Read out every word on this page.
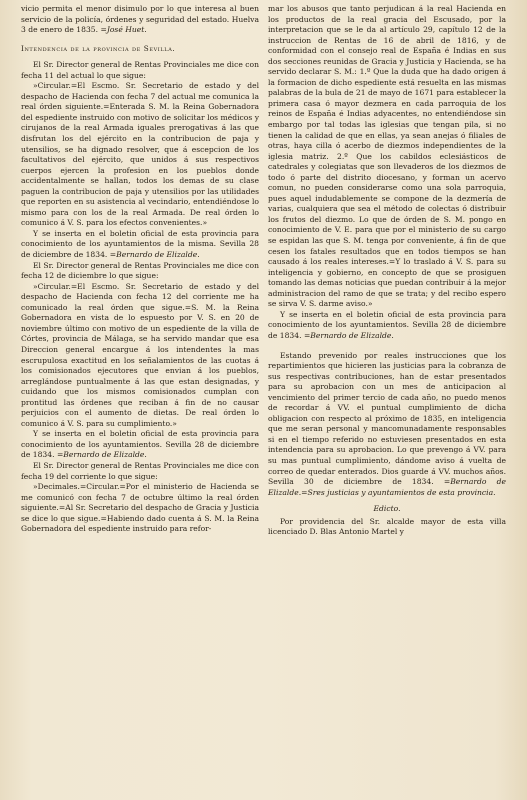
vicio permita el menor disimulo por lo que interesa al buen servicio de la policía, órdenes y seguridad del estado. Huelva 3 de enero de 1835. =José Huet.

Intendencia de la provincia de Sevilla.

El Sr. Director general de Rentas Provinciales me dice con fecha 11 del actual lo que sigue:

»Circular.=El Escmo. Sr. Secretario de estado y del despacho de Hacienda con fecha 7 del actual me comunica la real órden siguiente.=Enterada S. M. la Reina Gobernadora del espediente instruido con motivo de solicitar los médicos y cirujanos de la real Armada iguales prerogativas á las que disfrutan los del ejército en la contribucion de paja y utensilios, se ha dignado resolver, que á escepcion de los facultativos del ejército, que unidos á sus respectivos cuerpos ejercen la profesion en los pueblos donde accidentalmente se hallan, todos los demas de su clase paguen la contribucion de paja y utensilios por las utilidades que reporten en su asistencia al vecindario, entendiéndose lo mismo para con los de la real Armada. De real órden lo comunico á V. S. para los efectos convenientes.»

Y se inserta en el boletin oficial de esta provincia para conocimiento de los ayuntamientos de la misma. Sevilla 28 de diciembre de 1834. =Bernardo de Elizalde.

El Sr. Director general de Rentas Provinciales me dice con fecha 12 de diciembre lo que sigue:

»Circular.=El Escmo. Sr. Secretario de estado y del despacho de Hacienda con fecha 12 del corriente me ha comunicado la real órden que sigue.=S. M. la Reina Gobernadora en vista de lo espuesto por V. S. en 20 de noviembre último con motivo de un espediente de la villa de Córtes, provincia de Málaga, se ha servido mandar que esa Direccion general encargue á los intendentes la mas escrupulosa exactitud en los señalamientos de las cuotas á los comisionados ejecutores que envian á los pueblos, arreglándose puntualmente á las que estan designadas, y cuidando que los mismos comisionados cumplan con prontitud las órdenes que reciban á fin de no causar perjuicios con el aumento de dietas. De real órden lo comunico á V. S. para su cumplimiento.»

Y se inserta en el boletin oficial de esta provincia para conocimiento de los ayuntamientos. Sevilla 28 de diciembre de 1834. =Bernardo de Elizalde.

El Sr. Director general de Rentas Provinciales me dice con fecha 19 del corriente lo que sigue:

»Decimales.=Circular.=Por el ministerio de Hacienda se me comunicó con fecha 7 de octubre último la real órden siguiente.=Al Sr. Secretario del despacho de Gracia y Justicia se dice lo que sigue.=Habiendo dado cuenta á S. M. la Reina Gobernadora del espediente instruido para refor-

mar los abusos que tanto perjudican á la real Hacienda en los productos de la real gracia del Escusado, por la interpretacion que se le da al artículo 29, capítulo 12 de la instruccion de Rentas de 16 de abril de 1816, y de conformidad con el consejo real de España é Indias en sus dos secciones reunidas de Gracia y Justicia y Hacienda, se ha servido declarar S. M.: 1.º Que la duda que ha dado origen á la formacion de dicho espediente está resuelta en las mismas palabras de la bula de 21 de mayo de 1671 para establecer la primera casa ó mayor dezmera en cada parroquia de los reinos de España é Indias adyacentes, no entendiéndose sin embargo por tal todas las iglesias que tengan pila, si no tienen la calidad de que en ellas, ya sean anejas ó filiales de otras, haya cilla ó acerbo de diezmos independientes de la iglesia matriz. 2.º Que los cabildos eclesiásticos de catedrales y colegiatas que son llevaderos de los diezmos de todo ó parte del distrito diocesano, y forman un acervo comun, no pueden considerarse como una sola parroquia, pues aquel indudablemente se compone de la dezmería de varias, cualquiera que sea el método de colectas ó distribuir los frutos del diezmo. Lo que de órden de S. M. pongo en conocimiento de V. E. para que por el ministerio de su cargo se espidan las que S. M. tenga por conveniente, á fin de que cesen los fatales resultados que en todos tiempos se han causado á los reales intereses.=Y lo traslado á V. S. para su inteligencia y gobierno, en concepto de que se prosiguen tomando las demas noticias que puedan contribuir á la mejor administracion del ramo de que se trata; y del recibo espero se sirva V. S. darme aviso.»

Y se inserta en el boletin oficial de esta provincia para conocimiento de los ayuntamientos. Sevilla 28 de diciembre de 1834. =Bernardo de Elizalde.

Estando prevenido por reales instrucciones que los repartimientos que hicieren las justicias para la cobranza de sus respectivas contribuciones, han de estar presentados para su aprobacion con un mes de anticipacion al vencimiento del primer tercio de cada año, no puedo menos de recordar á VV. el puntual cumplimiento de dicha obligacion con respecto al próximo de 1835, en inteligencia que me seran personal y mancomunadamente responsables si en el tiempo referido no estuviesen presentados en esta intendencia para su aprobacion. Lo que prevengo á VV. para su mas puntual cumplimiento, dándome aviso á vuelta de correo de quedar enterados. Dios guarde á VV. muchos años. Sevilla 30 de diciembre de 1834. =Bernardo de Elizalde.=Sres justicias y ayuntamientos de esta provincia.

Edicto.

Por providencia del Sr. alcalde mayor de esta villa licenciado D. Blas Antonio Martel y
